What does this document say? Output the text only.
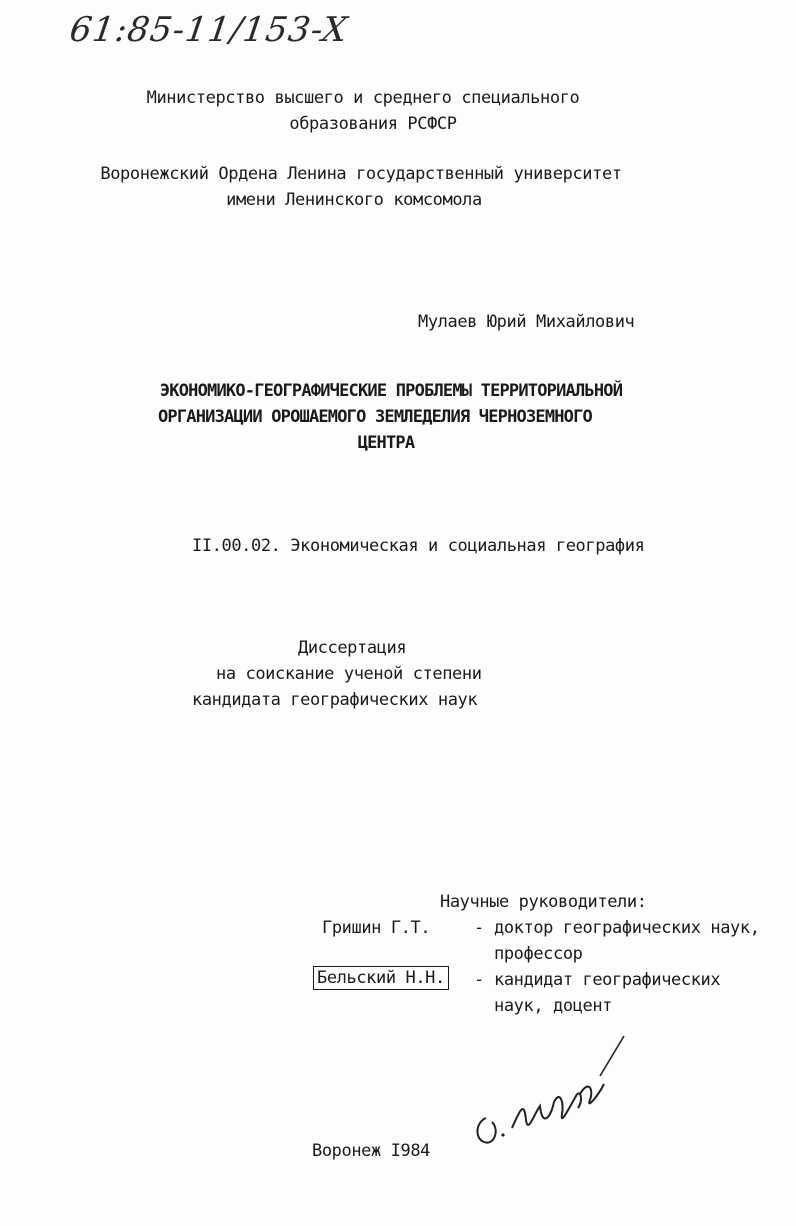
61:85-11/153-X
Министерство высшего и среднего специального
образования РСФСР
Воронежский Ордена Ленина государственный университет
имени Ленинского комсомола
Мулаев Юрий Михайлович
ЭКОНОМИКО-ГЕОГРАФИЧЕСКИЕ ПРОБЛЕМЫ ТЕРРИТОРИАЛЬНОЙ
ОРГАНИЗАЦИИ ОРОШАЕМОГО ЗЕМЛЕДЕЛИЯ ЧЕРНОЗЕМНОГО
ЦЕНТРА
II.00.02. Экономическая и социальная география
Диссертация
на соискание ученой степени
кандидата географических наук
Научные руководители:
Гришин Г.Т.	- доктор географических наук,
профессор
Бельский Н.Н. - кандидат географических
наук, доцент
Воронеж I984
